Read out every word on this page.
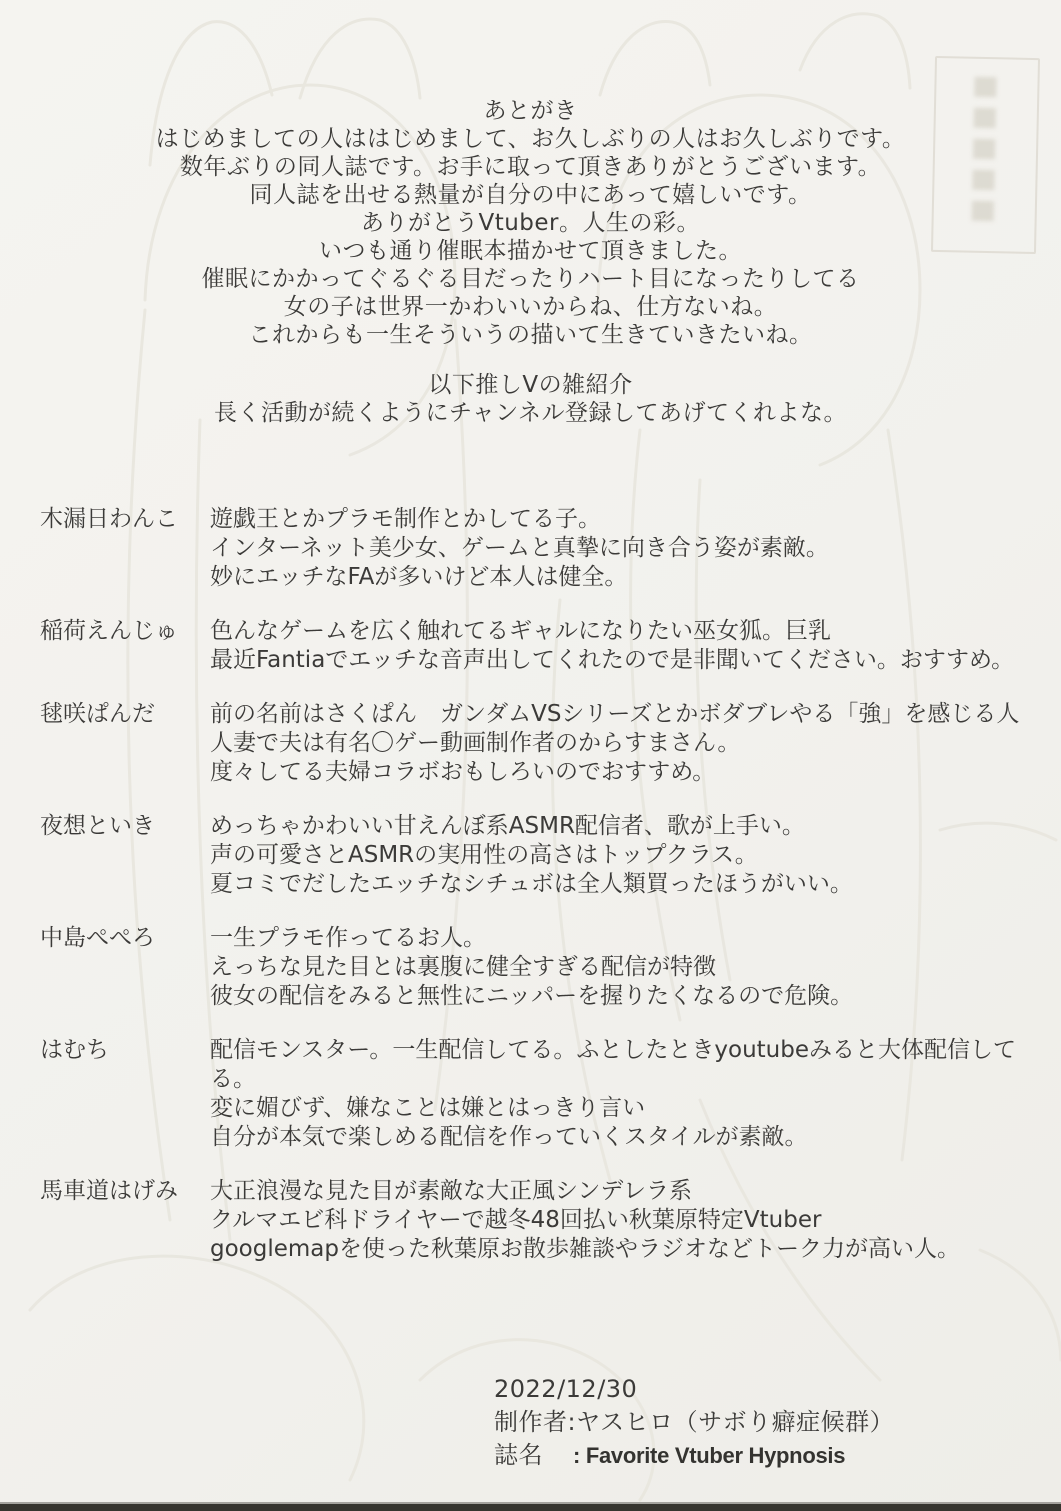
あとがき
はじめましての人ははじめまして、お久しぶりの人はお久しぶりです。
数年ぶりの同人誌です。お手に取って頂きありがとうございます。
同人誌を出せる熱量が自分の中にあって嬉しいです。
ありがとうVtuber。人生の彩。
いつも通り催眠本描かせて頂きました。
催眠にかかってぐるぐる目だったりハート目になったりしてる
女の子は世界一かわいいからね、仕方ないね。
これからも一生そういうの描いて生きていきたいね。
以下推しVの雑紹介
長く活動が続くようにチャンネル登録してあげてくれよな。
木漏日わんこ	遊戯王とかプラモ制作とかしてる子。
インターネット美少女、ゲームと真摯に向き合う姿が素敵。
妙にエッチなFAが多いけど本人は健全。
稲荷えんじゅ	色んなゲームを広く触れてるギャルになりたい巫女狐。巨乳
最近Fantiaでエッチな音声出してくれたので是非聞いてください。おすすめ。
毬咲ぱんだ	前の名前はさくぱん　ガンダムVSシリーズとかボダブレやる「強」を感じる人
人妻で夫は有名〇ゲー動画制作者のからすまさん。
度々してる夫婦コラボおもしろいのでおすすめ。
夜想といき	めっちゃかわいい甘えんぼ系ASMR配信者、歌が上手い。
声の可愛さとASMRの実用性の高さはトップクラス。
夏コミでだしたエッチなシチュボは全人類買ったほうがいい。
中島ぺぺろ	一生プラモ作ってるお人。
えっちな見た目とは裏腹に健全すぎる配信が特徴
彼女の配信をみると無性にニッパーを握りたくなるので危険。
はむち	配信モンスター。一生配信してる。ふとしたときyoutubeみると大体配信してる。
変に媚びず、嫌なことは嫌とはっきり言い
自分が本気で楽しめる配信を作っていくスタイルが素敵。
馬車道はげみ	大正浪漫な見た目が素敵な大正風シンデレラ系
クルマエビ科ドライヤーで越冬48回払い秋葉原特定Vtuber
googlemapを使った秋葉原お散歩雑談やラジオなどトーク力が高い人。
2022/12/30
制作者:ヤスヒロ（サボり癖症候群）
誌名 : Favorite Vtuber Hypnosis
